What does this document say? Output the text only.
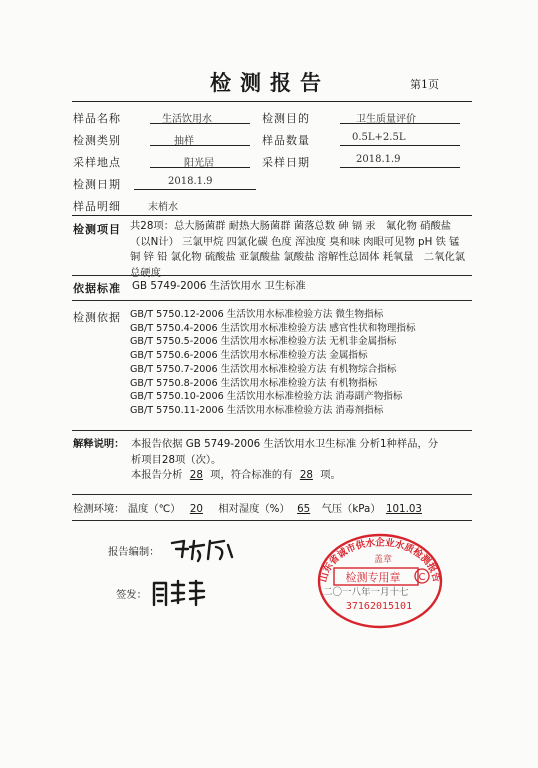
检测报告	第1页
样品名称	生活饮用水	检测目的	卫生质量评价
检测类别	抽样	样品数量	0.5L+2.5L
采样地点	阳光居	采样日期	2018.1.9
检测日期	2018.1.9
样品明细	末梢水
检测项目 共28项：总大肠菌群 耐热大肠菌群 菌落总数 砷 镉 汞　氟化物 硝酸盐（以N计） 三氯甲烷 四氯化碳 色度 浑浊度 臭和味 肉眼可见物 pH 铁 锰 铜 锌 铅 氯化物 硫酸盐 亚氯酸盐 氯酸盐 溶解性总固体 耗氧量　二氧化氯 总硬度
依据标准 GB 5749-2006 生活饮用水 卫生标准
检测依据 GB/T 5750.12-2006 生活饮用水标准检验方法 微生物指标
GB/T 5750.4-2006 生活饮用水标准检验方法 感官性状和物理指标
GB/T 5750.5-2006 生活饮用水标准检验方法 无机非金属指标
GB/T 5750.6-2006 生活饮用水标准检验方法 金属指标
GB/T 5750.7-2006 生活饮用水标准检验方法 有机物综合指标
GB/T 5750.8-2006 生活饮用水标准检验方法 有机物指标
GB/T 5750.10-2006 生活饮用水标准检验方法 消毒副产物指标
GB/T 5750.11-2006 生活饮用水标准检验方法 消毒剂指标
解释说明： 本报告依据 GB 5749-2006 生活饮用水卫生标准 分析1种样品，分
析项目28项（次）。
本报告分析 28 项，符合标准的有 28 项。
检测环境： 温度（℃） 20 相对湿度（%） 65 气压（kPa） 101.03
报告编制：
签发：
山东省诚市供水企业水质检测报告
检测专用章 C
盖章
37162015101
二〇一八年一月十七
